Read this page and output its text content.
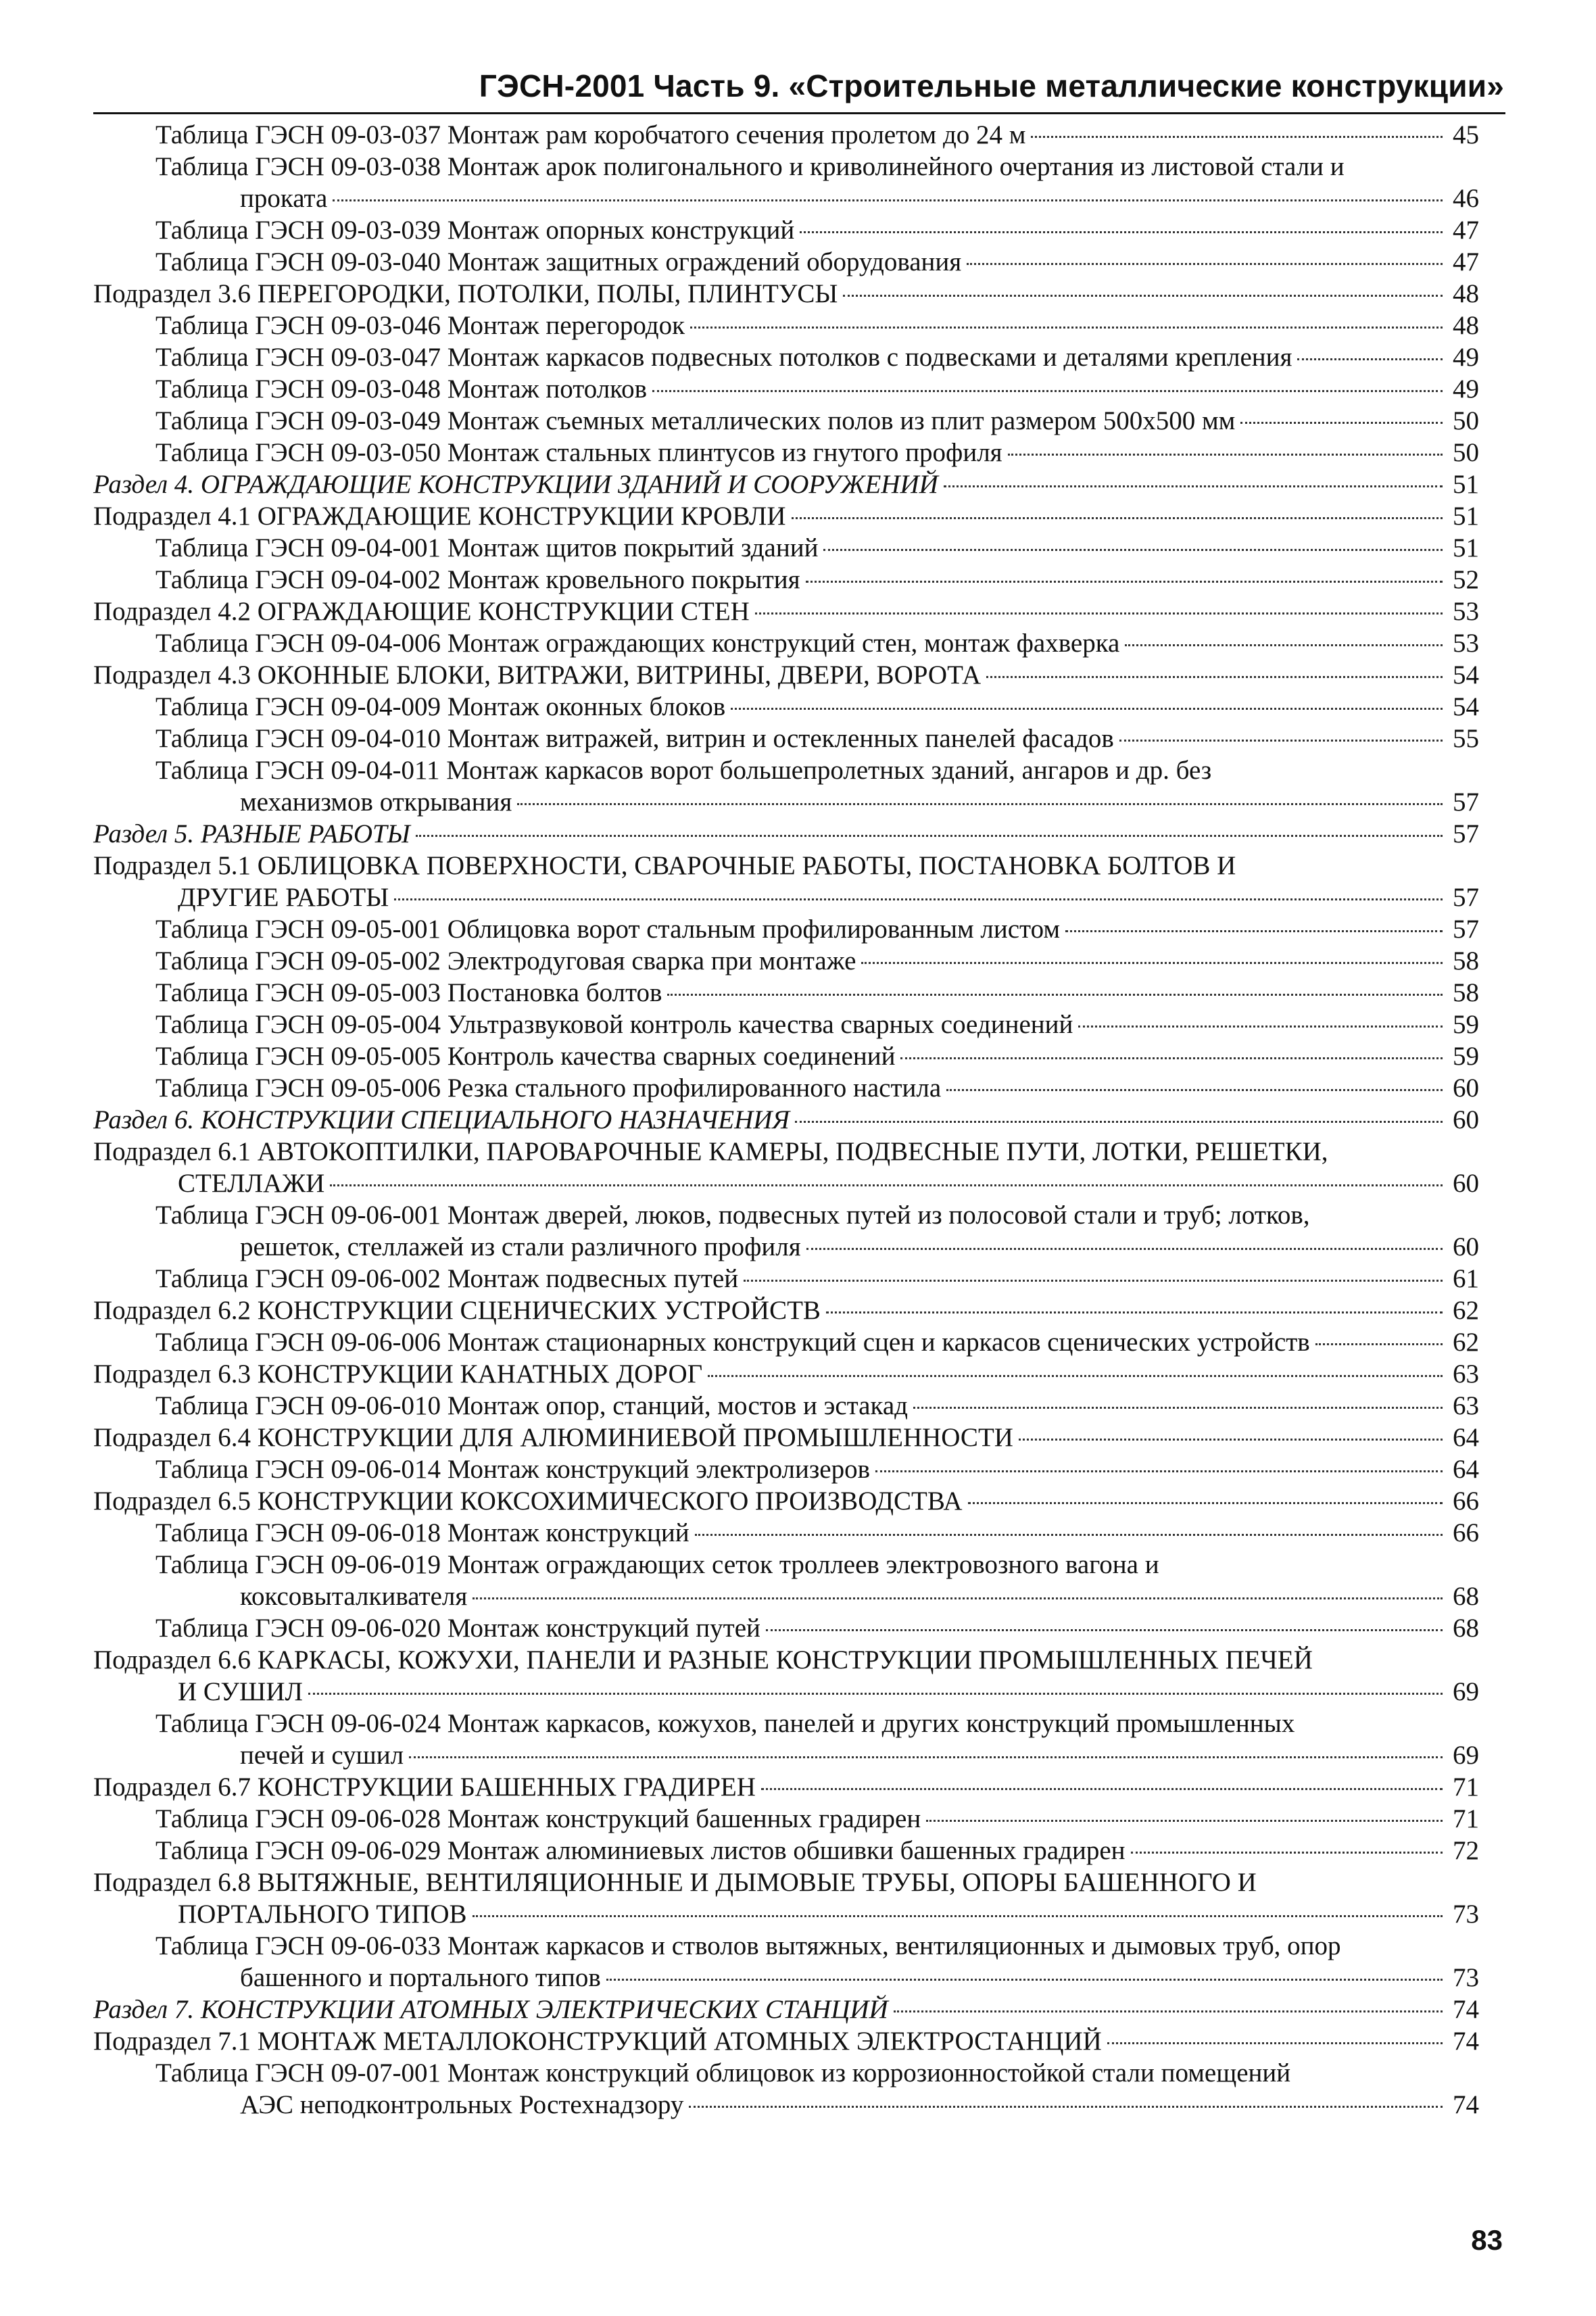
ГЭСН-2001 Часть 9. «Строительные металлические конструкции»
Таблица ГЭСН 09-03-037 Монтаж рам коробчатого сечения пролетом до 24 м	45
Таблица ГЭСН 09-03-038 Монтаж арок полигонального и криволинейного очертания из листовой стали и
проката	46
Таблица ГЭСН 09-03-039 Монтаж опорных конструкций	47
Таблица ГЭСН 09-03-040 Монтаж защитных ограждений оборудования	47
Подраздел 3.6 ПЕРЕГОРОДКИ, ПОТОЛКИ, ПОЛЫ, ПЛИНТУСЫ	48
Таблица ГЭСН 09-03-046 Монтаж перегородок	48
Таблица ГЭСН 09-03-047 Монтаж каркасов подвесных потолков с подвесками и деталями крепления	49
Таблица ГЭСН 09-03-048 Монтаж потолков	49
Таблица ГЭСН 09-03-049 Монтаж съемных металлических полов из плит размером 500х500 мм	50
Таблица ГЭСН 09-03-050 Монтаж стальных плинтусов из гнутого профиля	50
Раздел 4. ОГРАЖДАЮЩИЕ КОНСТРУКЦИИ ЗДАНИЙ И СООРУЖЕНИЙ	51
Подраздел 4.1 ОГРАЖДАЮЩИЕ КОНСТРУКЦИИ КРОВЛИ	51
Таблица ГЭСН 09-04-001 Монтаж щитов покрытий зданий	51
Таблица ГЭСН 09-04-002 Монтаж кровельного покрытия	52
Подраздел 4.2 ОГРАЖДАЮЩИЕ КОНСТРУКЦИИ СТЕН	53
Таблица ГЭСН 09-04-006 Монтаж ограждающих конструкций стен, монтаж фахверка	53
Подраздел 4.3 ОКОННЫЕ БЛОКИ, ВИТРАЖИ, ВИТРИНЫ, ДВЕРИ, ВОРОТА	54
Таблица ГЭСН 09-04-009 Монтаж оконных блоков	54
Таблица ГЭСН 09-04-010 Монтаж витражей, витрин и остекленных панелей фасадов	55
Таблица ГЭСН 09-04-011 Монтаж каркасов ворот большепролетных зданий, ангаров и др. без
механизмов открывания	57
Раздел 5. РАЗНЫЕ РАБОТЫ	57
Подраздел 5.1 ОБЛИЦОВКА ПОВЕРХНОСТИ, СВАРОЧНЫЕ РАБОТЫ, ПОСТАНОВКА БОЛТОВ И
ДРУГИЕ РАБОТЫ	57
Таблица ГЭСН 09-05-001 Облицовка ворот стальным профилированным листом	57
Таблица ГЭСН 09-05-002 Электродуговая сварка при монтаже	58
Таблица ГЭСН 09-05-003 Постановка болтов	58
Таблица ГЭСН 09-05-004 Ультразвуковой контроль качества сварных соединений	59
Таблица ГЭСН 09-05-005 Контроль качества сварных соединений	59
Таблица ГЭСН 09-05-006 Резка стального профилированного настила	60
Раздел 6. КОНСТРУКЦИИ СПЕЦИАЛЬНОГО НАЗНАЧЕНИЯ	60
Подраздел 6.1 АВТОКОПТИЛКИ, ПАРОВАРОЧНЫЕ КАМЕРЫ, ПОДВЕСНЫЕ ПУТИ, ЛОТКИ, РЕШЕТКИ,
СТЕЛЛАЖИ	60
Таблица ГЭСН 09-06-001 Монтаж дверей, люков, подвесных путей из полосовой стали и труб; лотков,
решеток, стеллажей из стали различного профиля	60
Таблица ГЭСН 09-06-002 Монтаж подвесных путей	61
Подраздел 6.2 КОНСТРУКЦИИ СЦЕНИЧЕСКИХ УСТРОЙСТВ	62
Таблица ГЭСН 09-06-006 Монтаж стационарных конструкций сцен и каркасов сценических устройств	62
Подраздел 6.3 КОНСТРУКЦИИ КАНАТНЫХ ДОРОГ	63
Таблица ГЭСН 09-06-010 Монтаж опор, станций, мостов и эстакад	63
Подраздел 6.4 КОНСТРУКЦИИ ДЛЯ АЛЮМИНИЕВОЙ ПРОМЫШЛЕННОСТИ	64
Таблица ГЭСН 09-06-014 Монтаж конструкций электролизеров	64
Подраздел 6.5 КОНСТРУКЦИИ КОКСОХИМИЧЕСКОГО ПРОИЗВОДСТВА	66
Таблица ГЭСН 09-06-018 Монтаж конструкций	66
Таблица ГЭСН 09-06-019 Монтаж ограждающих сеток троллеев электровозного вагона и
коксовыталкивателя	68
Таблица ГЭСН 09-06-020 Монтаж конструкций путей	68
Подраздел 6.6 КАРКАСЫ, КОЖУХИ, ПАНЕЛИ И РАЗНЫЕ КОНСТРУКЦИИ ПРОМЫШЛЕННЫХ ПЕЧЕЙ
И СУШИЛ	69
Таблица ГЭСН 09-06-024 Монтаж каркасов, кожухов, панелей и других конструкций промышленных
печей и сушил	69
Подраздел 6.7 КОНСТРУКЦИИ БАШЕННЫХ ГРАДИРЕН	71
Таблица ГЭСН 09-06-028 Монтаж конструкций башенных градирен	71
Таблица ГЭСН 09-06-029 Монтаж алюминиевых листов обшивки башенных градирен	72
Подраздел 6.8 ВЫТЯЖНЫЕ, ВЕНТИЛЯЦИОННЫЕ И ДЫМОВЫЕ ТРУБЫ, ОПОРЫ БАШЕННОГО И
ПОРТАЛЬНОГО ТИПОВ	73
Таблица ГЭСН 09-06-033 Монтаж каркасов и стволов вытяжных, вентиляционных и дымовых труб, опор
башенного и портального типов	73
Раздел 7. КОНСТРУКЦИИ АТОМНЫХ ЭЛЕКТРИЧЕСКИХ СТАНЦИЙ	74
Подраздел 7.1 МОНТАЖ МЕТАЛЛОКОНСТРУКЦИЙ АТОМНЫХ ЭЛЕКТРОСТАНЦИЙ	74
Таблица ГЭСН 09-07-001 Монтаж конструкций облицовок из коррозионностойкой стали помещений
АЭС неподконтрольных Ростехнадзору	74
83
